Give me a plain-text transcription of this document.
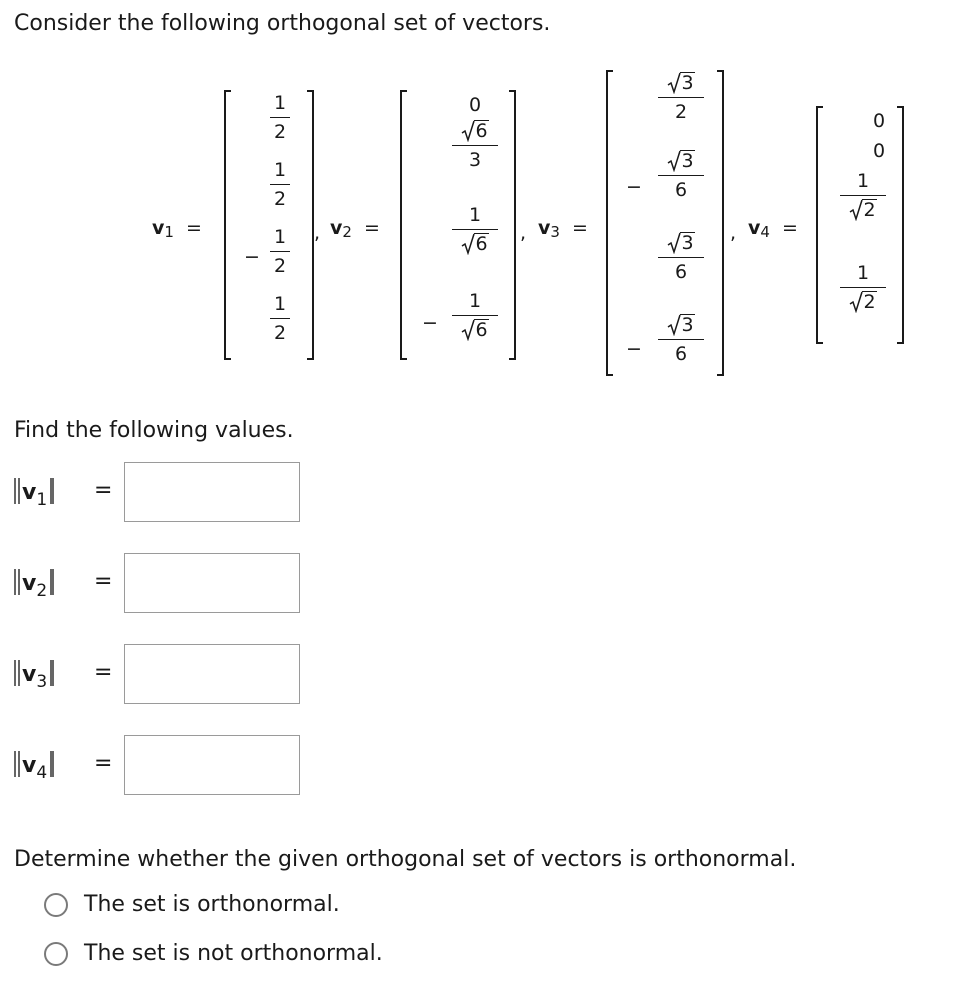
Consider the following orthogonal set of vectors.
$v_1$ =
1
2
1
2
−
1
2
1
2
, $v_2$ =
0
6
3
1
6
−
1
6
, $v_3$ =
3
2
−
3
6
3
6
−
3
6
, $v_4$ =
0
0
1
2
1
2
Find the following values.
$v_1$	=
$v_2$	=
$v_3$	=
$v_4$	=
Determine whether the given orthogonal set of vectors is orthonormal.
The set is orthonormal.
The set is not orthonormal.
